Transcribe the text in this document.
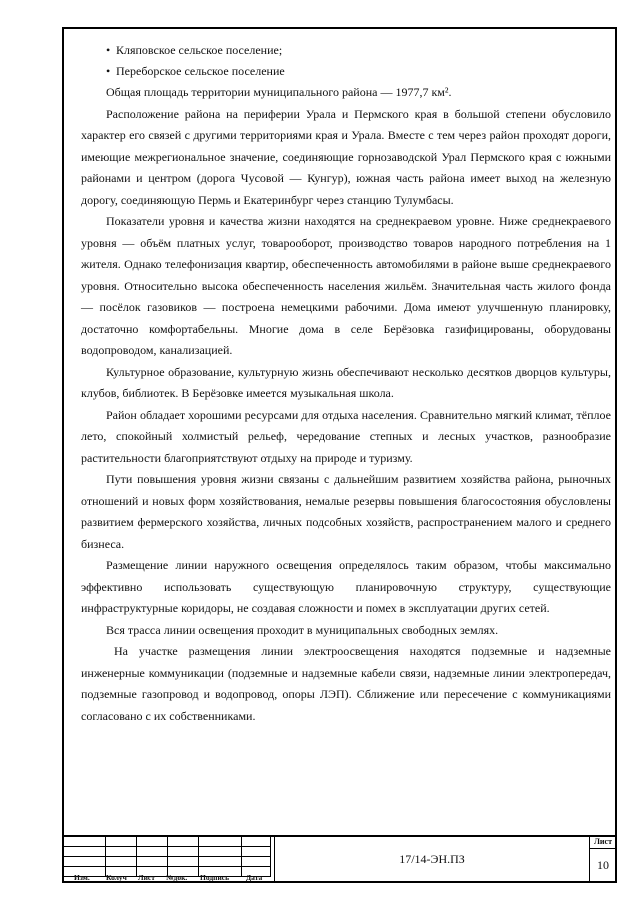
• Кляповское сельское поселение;
• Переборское сельское поселение

Общая площадь территории муниципального района — 1977,7 км².

Расположение района на периферии Урала и Пермского края в большой степени обусловило характер его связей с другими территориями края и Урала. Вместе с тем через район проходят дороги, имеющие межрегиональное значение, соединяющие горнозаводской Урал Пермского края с южными районами и центром (дорога Чусовой — Кунгур), южная часть района имеет выход на железную дорогу, соединяющую Пермь и Екатеринбург через станцию Тулумбасы.

Показатели уровня и качества жизни находятся на среднекраевом уровне. Ниже среднекраевого уровня — объём платных услуг, товарооборот, производство товаров народного потребления на 1 жителя. Однако телефонизация квартир, обеспеченность автомобилями в районе выше среднекраевого уровня. Относительно высока обеспеченность населения жильём. Значительная часть жилого фонда — посёлок газовиков — построена немецкими рабочими. Дома имеют улучшенную планировку, достаточно комфортабельны. Многие дома в селе Берёзовка газифицированы, оборудованы водопроводом, канализацией.

Культурное образование, культурную жизнь обеспечивают несколько десятков дворцов культуры, клубов, библиотек. В Берёзовке имеется музыкальная школа.

Район обладает хорошими ресурсами для отдыха населения. Сравнительно мягкий климат, тёплое лето, спокойный холмистый рельеф, чередование степных и лесных участков, разнообразие растительности благоприятствуют отдыху на природе и туризму.

Пути повышения уровня жизни связаны с дальнейшим развитием хозяйства района, рыночных отношений и новых форм хозяйствования, немалые резервы повышения благосостояния обусловлены развитием фермерского хозяйства, личных подсобных хозяйств, распространением малого и среднего бизнеса.

Размещение линии наружного освещения определялось таким образом, чтобы максимально эффективно использовать существующую планировочную структуру, существующие инфраструктурные коридоры, не создавая сложности и помех в эксплуатации других сетей.

Вся трасса линии освещения проходит в муниципальных свободных землях.

На участке размещения линии электроосвещения находятся подземные и надземные инженерные коммуникации (подземные и надземные кабели связи, надземные линии электропередач, подземные газопровод и водопровод, опоры ЛЭП). Сближение или пересечение с коммуникациями согласовано с их собственниками.

Изм. Колуч Лист №док. Подпись Дата
17/14-ЭН.ПЗ
Лист
10
